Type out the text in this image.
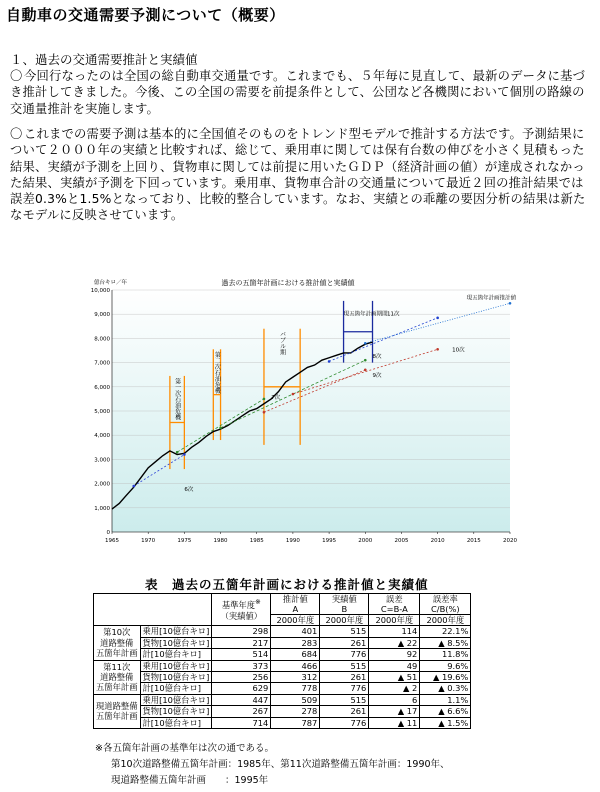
自動車の交通需要予測について（概要）
１、過去の交通需要推計と実績値
〇 今回行なったのは全国の総自動車交通量です。これまでも、５年毎に見直して、最新のデータに基づき推計してきました。今後、この全国の需要を前提条件として、公団など各機関において個別の路線の交通量推計を実施します。
〇 これまでの需要予測は基本的に全国値そのものをトレンド型モデルで推計する方法です。予測結果について２０００年の実績と比較すれば、総じて、乗用車に関しては保有台数の伸びを小さく見積もった結果、実績が予測を上回り、貨物車に関しては前提に用いたＧＤＰ（経済計画の値）が達成されなかった結果、実績が予測を下回っています。乗用車、貨物車合計の交通量について最近２回の推計結果では誤差0.3%と1.5%となっており、比較的整合しています。なお、実績との乖離の要因分析の結果は新たなモデルに反映させています。
0
1,000
2,000
3,000
4,000
5,000
6,000
7,000
8,000
9,000
10,000
1965	1970	1975	1980	1985	1990	1995	2000	2005	2010	2015	2020
第一次石油危機
第二次石油危機
バブル期
6次
7次
8次
9次
10次
11次
現五箇年計画推計値
現五箇年計画期間
過去の五箇年計画における推計値と実績値
億台キロ／年
表　過去の五箇年計画における推計値と実績値
		基準年度※
（実績値）	推計値
A	実績値
B	誤差
C=B-A	誤差率
C/B(%)
			2000年度	2000年度	2000年度	2000年度
第10次
道路整備
五箇年計画	乗用[10億台キロ]	298	401	515	114	22.1%
	貨物[10億台キロ]	217	283	261	▲ 22	▲ 8.5%
	計[10億台キロ]	514	684	776	92	11.8%
第11次
道路整備
五箇年計画	乗用[10億台キロ]	373	466	515	49	9.6%
	貨物[10億台キロ]	256	312	261	▲ 51	▲ 19.6%
	計[10億台キロ]	629	778	776	▲ 2	▲ 0.3%
現道路整備
五箇年計画	乗用[10億台キロ]	447	509	515	6	1.1%
	貨物[10億台キロ]	267	278	261	▲ 17	▲ 6.6%
	計[10億台キロ]	714	787	776	▲ 11	▲ 1.5%
※各五箇年計画の基準年は次の通である。
第10次道路整備五箇年計画：1985年、第11次道路整備五箇年計画：1990年、
現道路整備五箇年計画　　：1995年
